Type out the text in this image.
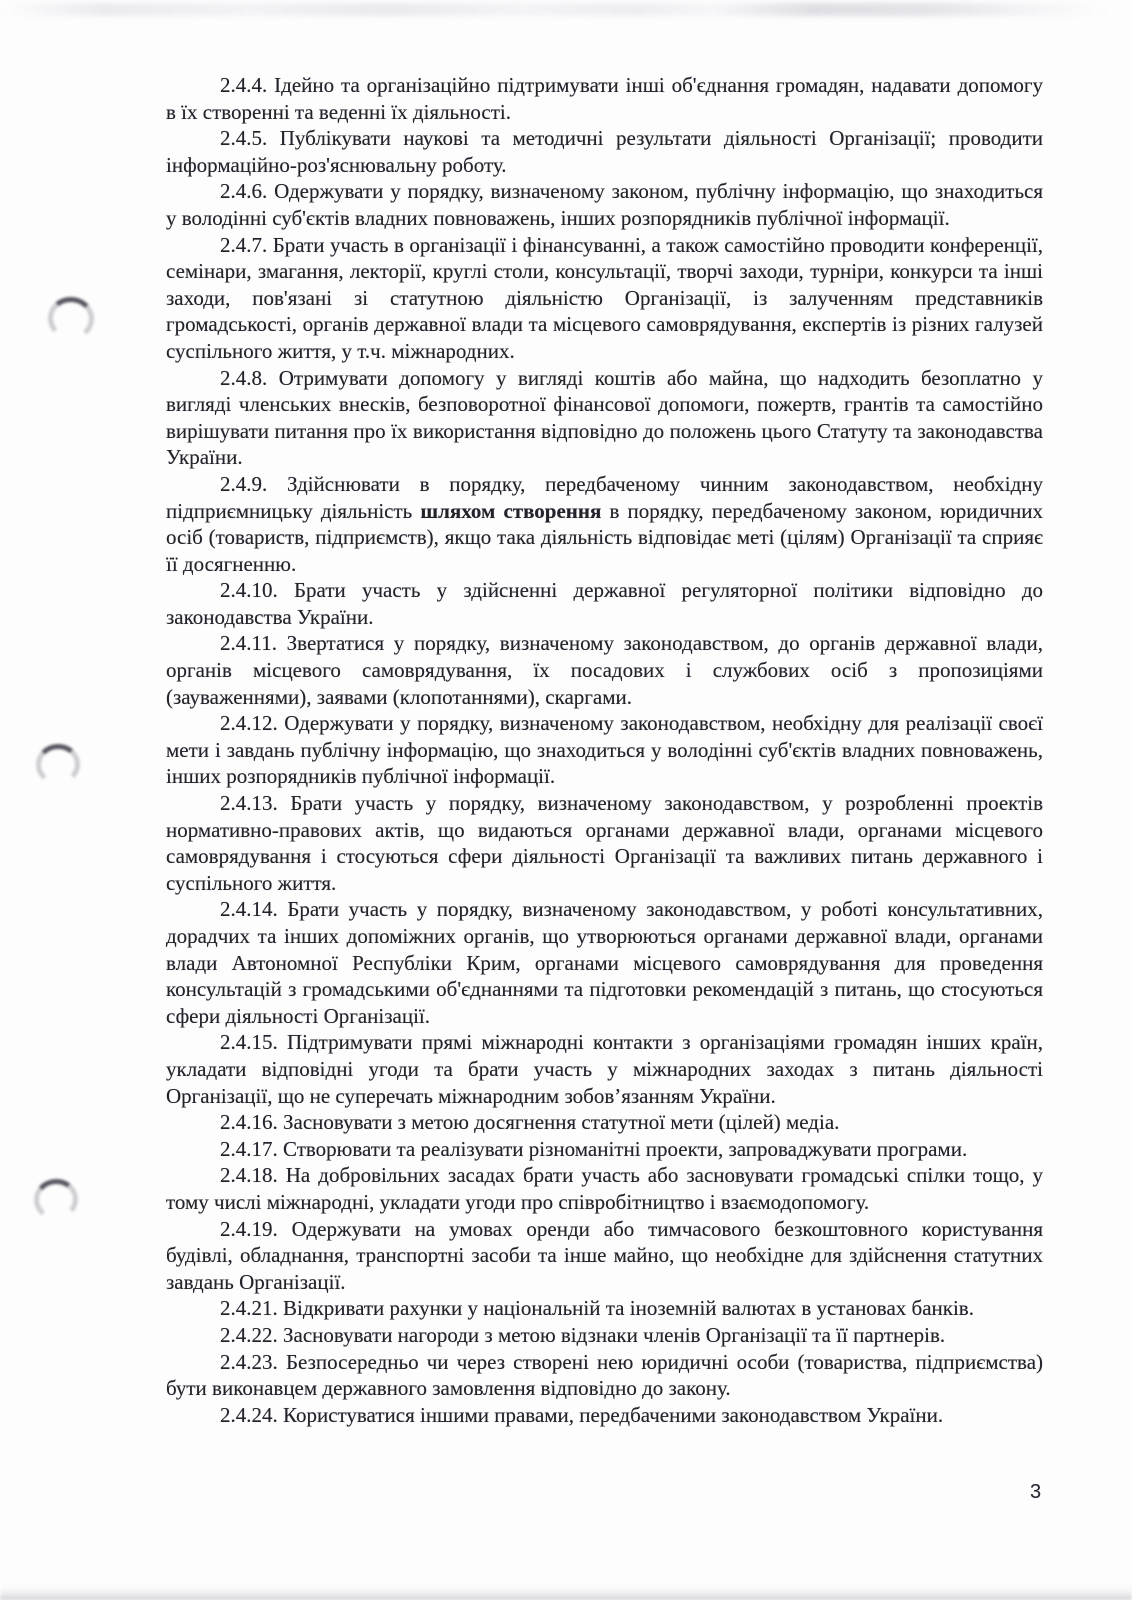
2.4.4. Ідейно та організаційно підтримувати інші об'єднання громадян, надавати допомогу в їх створенні та веденні їх діяльності.

2.4.5. Публікувати наукові та методичні результати діяльності Організації; проводити інформаційно-роз'яснювальну роботу.

2.4.6. Одержувати у порядку, визначеному законом, публічну інформацію, що знаходиться у володінні суб'єктів владних повноважень, інших розпорядників публічної інформації.

2.4.7. Брати участь в організації і фінансуванні, а також самостійно проводити конференції, семінари, змагання, лекторії, круглі столи, консультації, творчі заходи, турніри, конкурси та інші заходи, пов'язані зі статутною діяльністю Організації, із залученням представників громадськості, органів державної влади та місцевого самоврядування, експертів із різних галузей суспільного життя, у т.ч. міжнародних.

2.4.8. Отримувати допомогу у вигляді коштів або майна, що надходить безоплатно у вигляді членських внесків, безповоротної фінансової допомоги, пожертв, грантів та самостійно вирішувати питання про їх використання відповідно до положень цього Статуту та законодавства України.

2.4.9. Здійснювати в порядку, передбаченому чинним законодавством, необхідну підприємницьку діяльність шляхом створення в порядку, передбаченому законом, юридичних осіб (товариств, підприємств), якщо така діяльність відповідає меті (цілям) Організації та сприяє її досягненню.

2.4.10. Брати участь у здійсненні державної регуляторної політики відповідно до законодавства України.

2.4.11. Звертатися у порядку, визначеному законодавством, до органів державної влади, органів місцевого самоврядування, їх посадових і службових осіб з пропозиціями (зауваженнями), заявами (клопотаннями), скаргами.

2.4.12. Одержувати у порядку, визначеному законодавством, необхідну для реалізації своєї мети і завдань публічну інформацію, що знаходиться у володінні суб'єктів владних повноважень, інших розпорядників публічної інформації.

2.4.13. Брати участь у порядку, визначеному законодавством, у розробленні проектів нормативно-правових актів, що видаються органами державної влади, органами місцевого самоврядування і стосуються сфери діяльності Організації та важливих питань державного і суспільного життя.

2.4.14. Брати участь у порядку, визначеному законодавством, у роботі консультативних, дорадчих та інших допоміжних органів, що утворюються органами державної влади, органами влади Автономної Республіки Крим, органами місцевого самоврядування для проведення консультацій з громадськими об'єднаннями та підготовки рекомендацій з питань, що стосуються сфери діяльності Організації.

2.4.15. Підтримувати прямі міжнародні контакти з організаціями громадян інших країн, укладати відповідні угоди та брати участь у міжнародних заходах з питань діяльності Організації, що не суперечать міжнародним зобов’язанням України.

2.4.16. Засновувати з метою досягнення статутної мети (цілей) медіа.

2.4.17. Створювати та реалізувати різноманітні проекти, запроваджувати програми.

2.4.18. На добровільних засадах брати участь або засновувати громадські спілки тощо, у тому числі міжнародні, укладати угоди про співробітництво і взаємодопомогу.

2.4.19. Одержувати на умовах оренди або тимчасового безкоштовного користування будівлі, обладнання, транспортні засоби та інше майно, що необхідне для здійснення статутних завдань Організації.

2.4.21. Відкривати рахунки у національній та іноземній валютах в установах банків.

2.4.22. Засновувати нагороди з метою відзнаки членів Організації та її партнерів.

2.4.23. Безпосередньо чи через створені нею юридичні особи (товариства, підприємства) бути виконавцем державного замовлення відповідно до закону.

2.4.24. Користуватися іншими правами, передбаченими законодавством України.

3
